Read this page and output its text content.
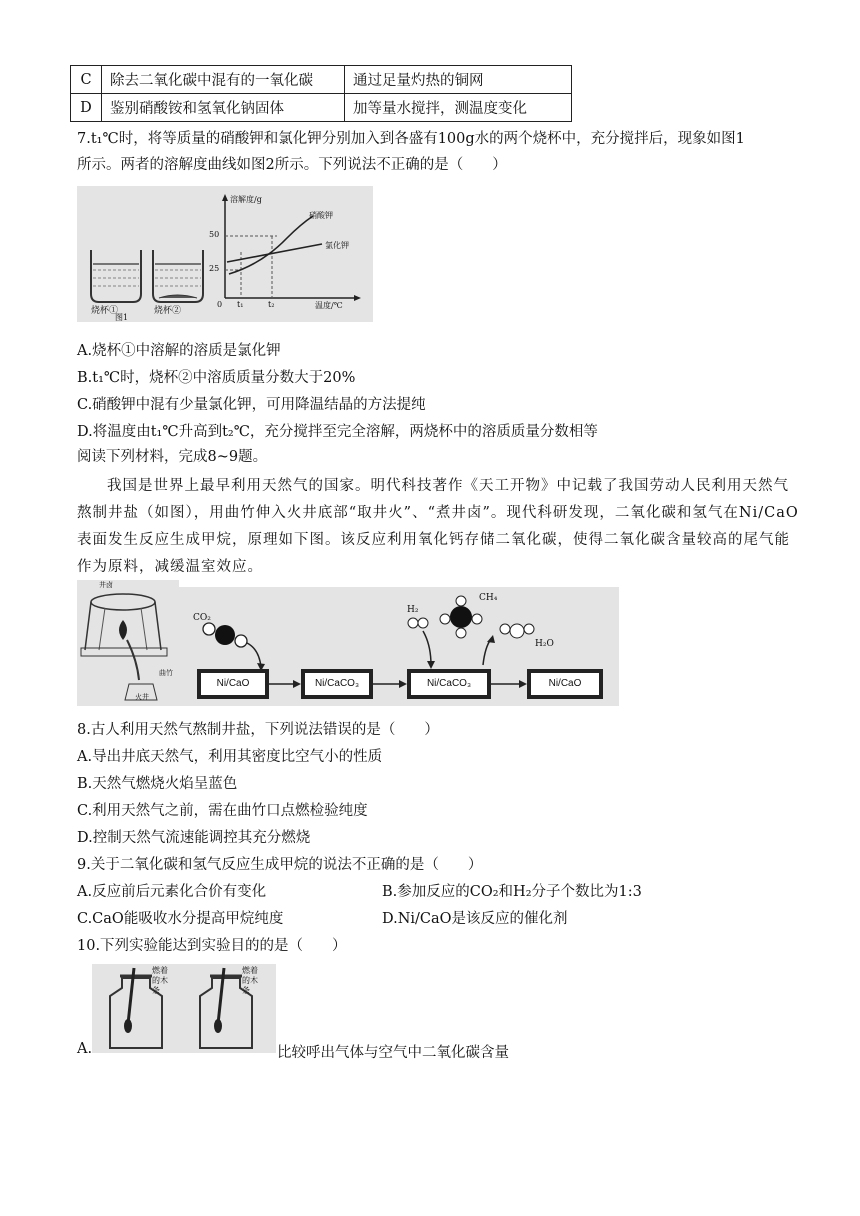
C	除去二氧化碳中混有的一氧化碳	通过足量灼热的铜网
D	鉴别硝酸铵和氢氧化钠固体	加等量水搅拌，测温度变化
7.t₁℃时，将等质量的硝酸钾和氯化钾分别加入到各盛有100g水的两个烧杯中，充分搅拌后，现象如图1
所示。两者的溶解度曲线如图2所示。下列说法不正确的是（　　）
烧杯①	烧杯②
图1
溶解度/g
50
25
0 t₁	t₂	温度/℃
硝酸钾
氯化钾
A.烧杯①中溶解的溶质是氯化钾
B.t₁℃时，烧杯②中溶质质量分数大于20%
C.硝酸钾中混有少量氯化钾，可用降温结晶的方法提纯
D.将温度由t₁℃升高到t₂℃，充分搅拌至完全溶解，两烧杯中的溶质质量分数相等
阅读下列材料，完成8~9题。
我国是世界上最早利用天然气的国家。明代科技著作《天工开物》中记载了我国劳动人民利用天然气
熬制井盐（如图），用曲竹伸入火井底部“取井火”、“煮井卤”。现代科研发现，二氧化碳和氢气在Ni/CaO
表面发生反应生成甲烷，原理如下图。该反应利用氧化钙存储二氧化碳，使得二氧化碳含量较高的尾气能
作为原料，减缓温室效应。
井卤
曲竹
火井
CO₂
H₂
CH₄
H₂O
Ni/CaO	Ni/CaCO₃	Ni/CaCO₃	Ni/CaO
8.古人利用天然气熬制井盐，下列说法错误的是（　　）
A.导出井底天然气，利用其密度比空气小的性质
B.天然气燃烧火焰呈蓝色
C.利用天然气之前，需在曲竹口点燃检验纯度
D.控制天然气流速能调控其充分燃烧
9.关于二氧化碳和氢气反应生成甲烷的说法不正确的是（　　）
A.反应前后元素化合价有变化	B.参加反应的CO₂和H₂分子个数比为1:3
C.CaO能吸收水分提高甲烷纯度	D.Ni/CaO是该反应的催化剂
10.下列实验能达到实验目的的是（　　）
A.
燃着的木条
燃着的木条
比较呼出气体与空气中二氧化碳含量
